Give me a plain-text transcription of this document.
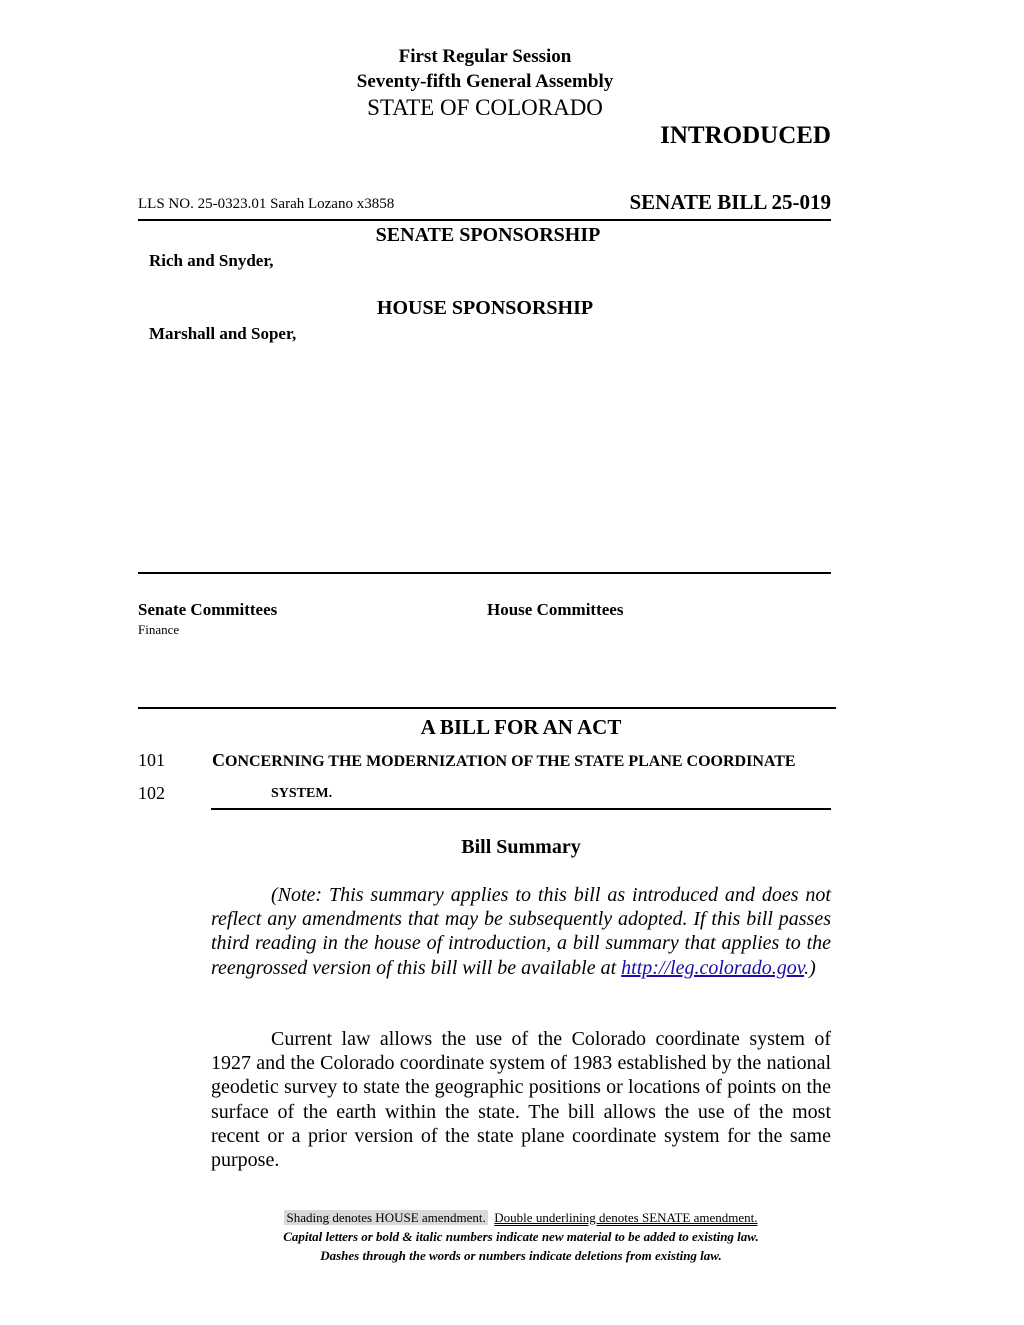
First Regular Session
Seventy-fifth General Assembly
STATE OF COLORADO
INTRODUCED
LLS NO. 25-0323.01 Sarah Lozano x3858	SENATE BILL 25-019
SENATE SPONSORSHIP
Rich and Snyder,
HOUSE SPONSORSHIP
Marshall and Soper,
Senate Committees
Finance
House Committees
A BILL FOR AN ACT
101
102
CONCERNING THE MODERNIZATION OF THE STATE PLANE COORDINATE
SYSTEM.
Bill Summary
(Note: This summary applies to this bill as introduced and does not reflect any amendments that may be subsequently adopted. If this bill passes third reading in the house of introduction, a bill summary that applies to the reengrossed version of this bill will be available at http://leg.colorado.gov.)
Current law allows the use of the Colorado coordinate system of 1927 and the Colorado coordinate system of 1983 established by the national geodetic survey to state the geographic positions or locations of points on the surface of the earth within the state. The bill allows the use of the most recent or a prior version of the state plane coordinate system for the same purpose.
Shading denotes HOUSE amendment. Double underlining denotes SENATE amendment.
Capital letters or bold & italic numbers indicate new material to be added to existing law.
Dashes through the words or numbers indicate deletions from existing law.
